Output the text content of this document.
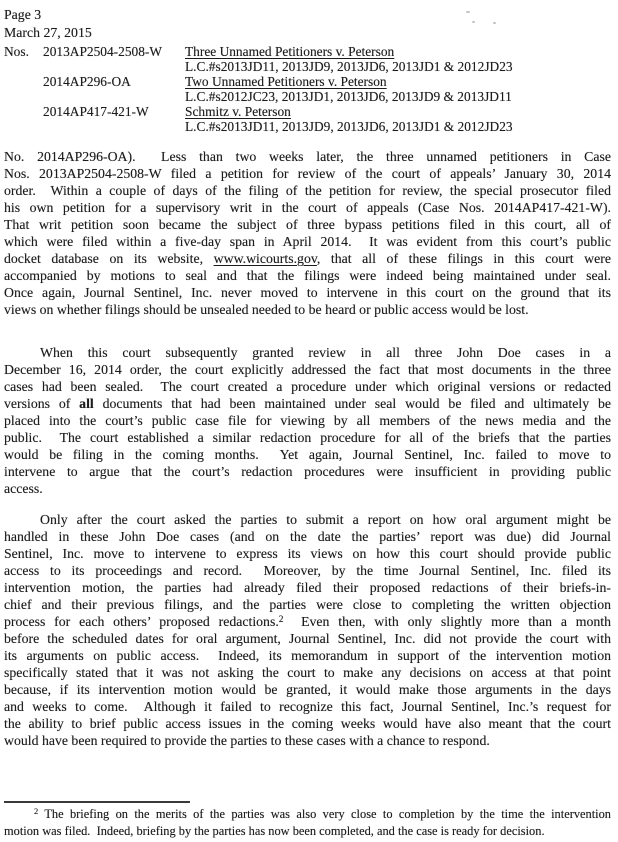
Page 3
March 27, 2015
Nos. 2013AP2504-2508-W	Three Unnamed Petitioners v. Peterson
L.C.#s2013JD11, 2013JD9, 2013JD6, 2013JD1 & 2012JD23
2014AP296-OA	Two Unnamed Petitioners v. Peterson
L.C.#s2012JC23, 2013JD1, 2013JD6, 2013JD9 & 2013JD11
2014AP417-421-W	Schmitz v. Peterson
L.C.#s2013JD11, 2013JD9, 2013JD6, 2013JD1 & 2012JD23
No. 2014AP296-OA).  Less than two weeks later, the three unnamed petitioners in Case
Nos. 2013AP2504-2508-W filed a petition for review of the court of appeals’ January 30, 2014
order.  Within a couple of days of the filing of the petition for review, the special prosecutor filed
his own petition for a supervisory writ in the court of appeals (Case Nos. 2014AP417-421-W).
That writ petition soon became the subject of three bypass petitions filed in this court, all of
which were filed within a five-day span in April 2014.  It was evident from this court’s public
docket database on its website, www.wicourts.gov, that all of these filings in this court were
accompanied by motions to seal and that the filings were indeed being maintained under seal.
Once again, Journal Sentinel, Inc. never moved to intervene in this court on the ground that its
views on whether filings should be unsealed needed to be heard or public access would be lost.
When this court subsequently granted review in all three John Doe cases in a
December 16, 2014 order, the court explicitly addressed the fact that most documents in the three
cases had been sealed.  The court created a procedure under which original versions or redacted
versions of all documents that had been maintained under seal would be filed and ultimately be
placed into the court’s public case file for viewing by all members of the news media and the
public.  The court established a similar redaction procedure for all of the briefs that the parties
would be filing in the coming months.  Yet again, Journal Sentinel, Inc. failed to move to
intervene to argue that the court’s redaction procedures were insufficient in providing public
access.
Only after the court asked the parties to submit a report on how oral argument might be
handled in these John Doe cases (and on the date the parties’ report was due) did Journal
Sentinel, Inc. move to intervene to express its views on how this court should provide public
access to its proceedings and record.  Moreover, by the time Journal Sentinel, Inc. filed its
intervention motion, the parties had already filed their proposed redactions of their briefs-in-
chief and their previous filings, and the parties were close to completing the written objection
process for each others’ proposed redactions.$^2$  Even then, with only slightly more than a month
before the scheduled dates for oral argument, Journal Sentinel, Inc. did not provide the court with
its arguments on public access.  Indeed, its memorandum in support of the intervention motion
specifically stated that it was not asking the court to make any decisions on access at that point
because, if its intervention motion would be granted, it would make those arguments in the days
and weeks to come.  Although it failed to recognize this fact, Journal Sentinel, Inc.’s request for
the ability to brief public access issues in the coming weeks would have also meant that the court
would have been required to provide the parties to these cases with a chance to respond.
$^2$ The briefing on the merits of the parties was also very close to completion by the time the intervention
motion was filed.  Indeed, briefing by the parties has now been completed, and the case is ready for decision.
